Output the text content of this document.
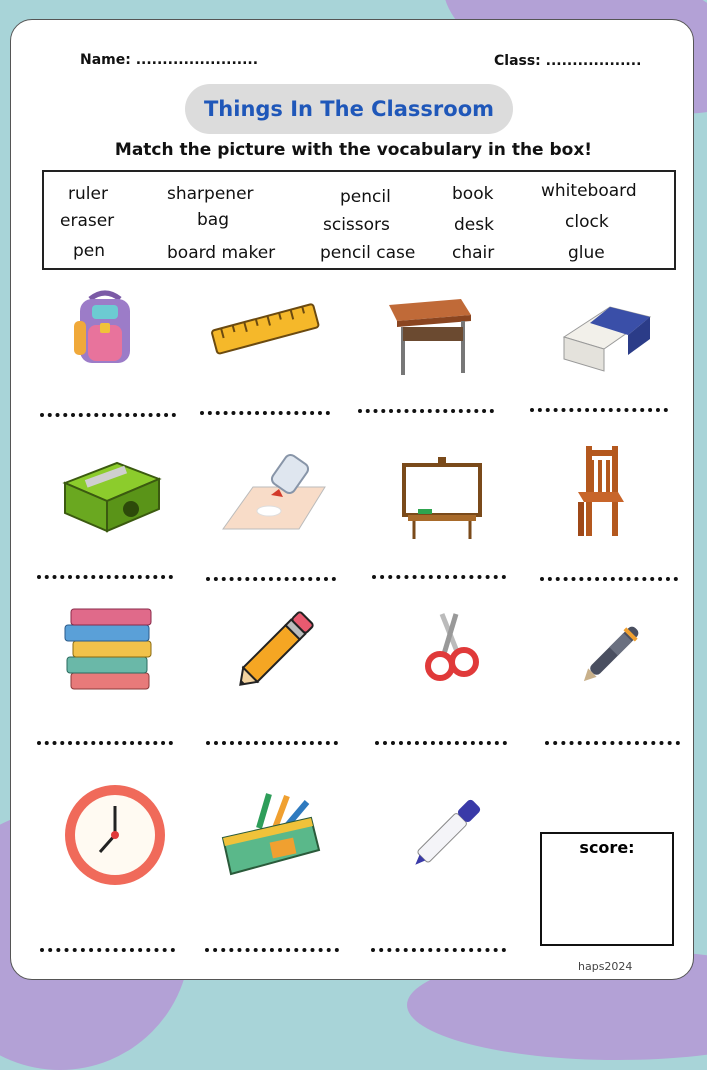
Name: .......................	Class: ..................
Things In The Classroom
Match the picture with the vocabulary in the box!
ruler
eraser
pen
sharpener
bag
board maker
pencil
scissors
pencil case
book
desk
chair
whiteboard
clock
glue
score:
haps2024
